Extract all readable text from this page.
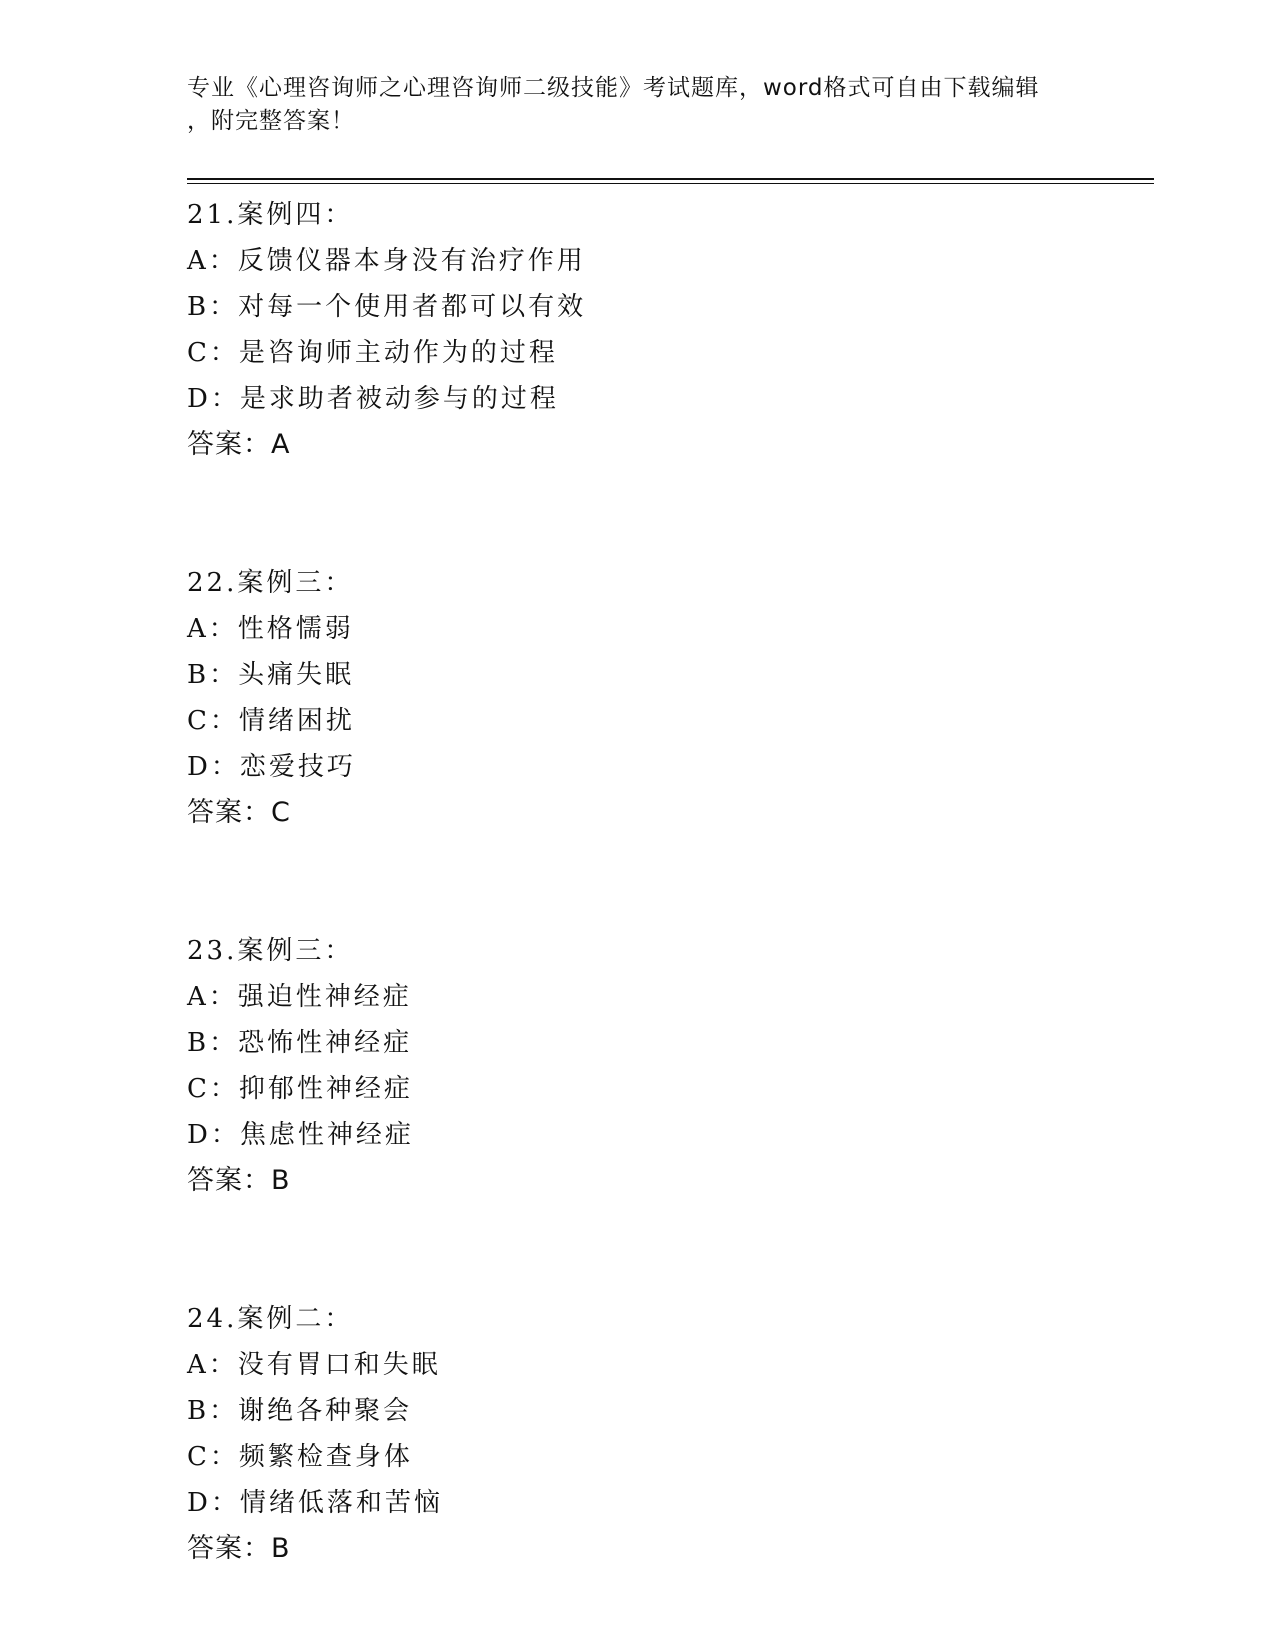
专业《心理咨询师之心理咨询师二级技能》考试题库，word格式可自由下载编辑
，附完整答案！
21.案例四：
A：反馈仪器本身没有治疗作用
B：对每一个使用者都可以有效
C：是咨询师主动作为的过程
D：是求助者被动参与的过程
答案：A
22.案例三：
A：性格懦弱
B：头痛失眠
C：情绪困扰
D：恋爱技巧
答案：C
23.案例三：
A：强迫性神经症
B：恐怖性神经症
C：抑郁性神经症
D：焦虑性神经症
答案：B
24.案例二：
A：没有胃口和失眠
B：谢绝各种聚会
C：频繁检查身体
D：情绪低落和苦恼
答案：B
